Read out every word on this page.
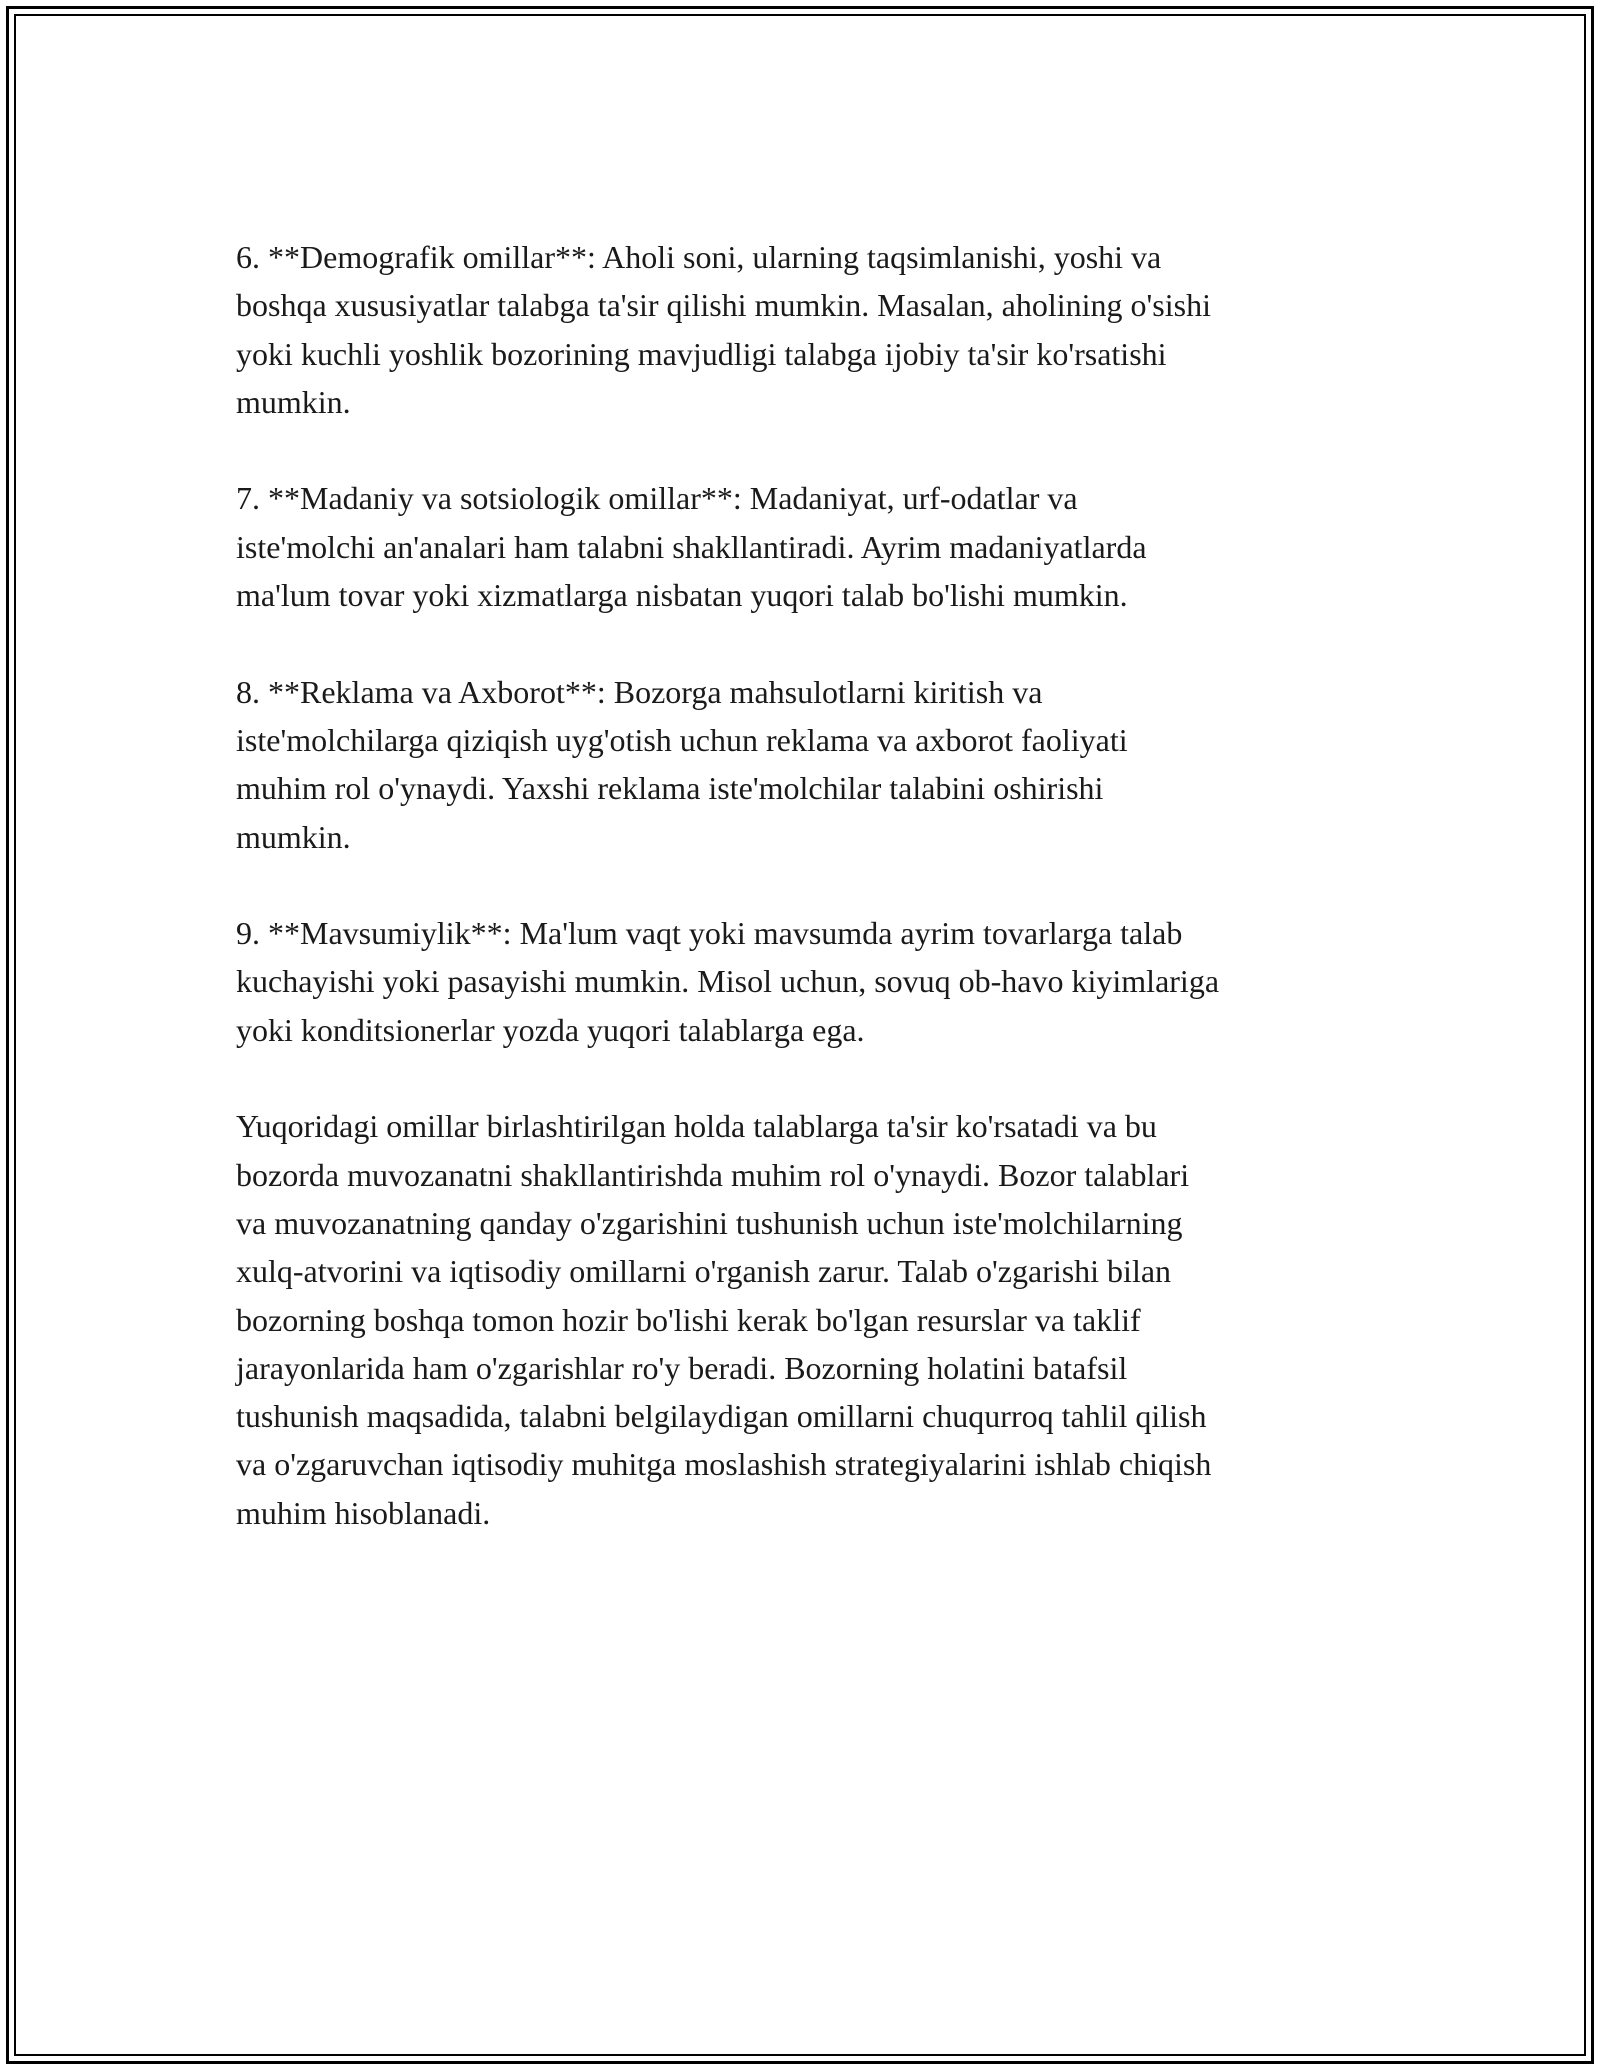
6. **Demografik omillar**: Aholi soni, ularning taqsimlanishi, yoshi va
boshqa xususiyatlar talabga ta'sir qilishi mumkin. Masalan, aholining o'sishi
yoki kuchli yoshlik bozorining mavjudligi talabga ijobiy ta'sir ko'rsatishi
mumkin.

7. **Madaniy va sotsiologik omillar**: Madaniyat, urf-odatlar va
iste'molchi an'analari ham talabni shakllantiradi. Ayrim madaniyatlarda
ma'lum tovar yoki xizmatlarga nisbatan yuqori talab bo'lishi mumkin.

8. **Reklama va Axborot**: Bozorga mahsulotlarni kiritish va
iste'molchilarga qiziqish uyg'otish uchun reklama va axborot faoliyati
muhim rol o'ynaydi. Yaxshi reklama iste'molchilar talabini oshirishi
mumkin.

9. **Mavsumiylik**: Ma'lum vaqt yoki mavsumda ayrim tovarlarga talab
kuchayishi yoki pasayishi mumkin. Misol uchun, sovuq ob-havo kiyimlariga
yoki konditsionerlar yozda yuqori talablarga ega.

Yuqoridagi omillar birlashtirilgan holda talablarga ta'sir ko'rsatadi va bu
bozorda muvozanatni shakllantirishda muhim rol o'ynaydi. Bozor talablari
va muvozanatning qanday o'zgarishini tushunish uchun iste'molchilarning
xulq-atvorini va iqtisodiy omillarni o'rganish zarur. Talab o'zgarishi bilan
bozorning boshqa tomon hozir bo'lishi kerak bo'lgan resurslar va taklif
jarayonlarida ham o'zgarishlar ro'y beradi. Bozorning holatini batafsil
tushunish maqsadida, talabni belgilaydigan omillarni chuqurroq tahlil qilish
va o'zgaruvchan iqtisodiy muhitga moslashish strategiyalarini ishlab chiqish
muhim hisoblanadi.
